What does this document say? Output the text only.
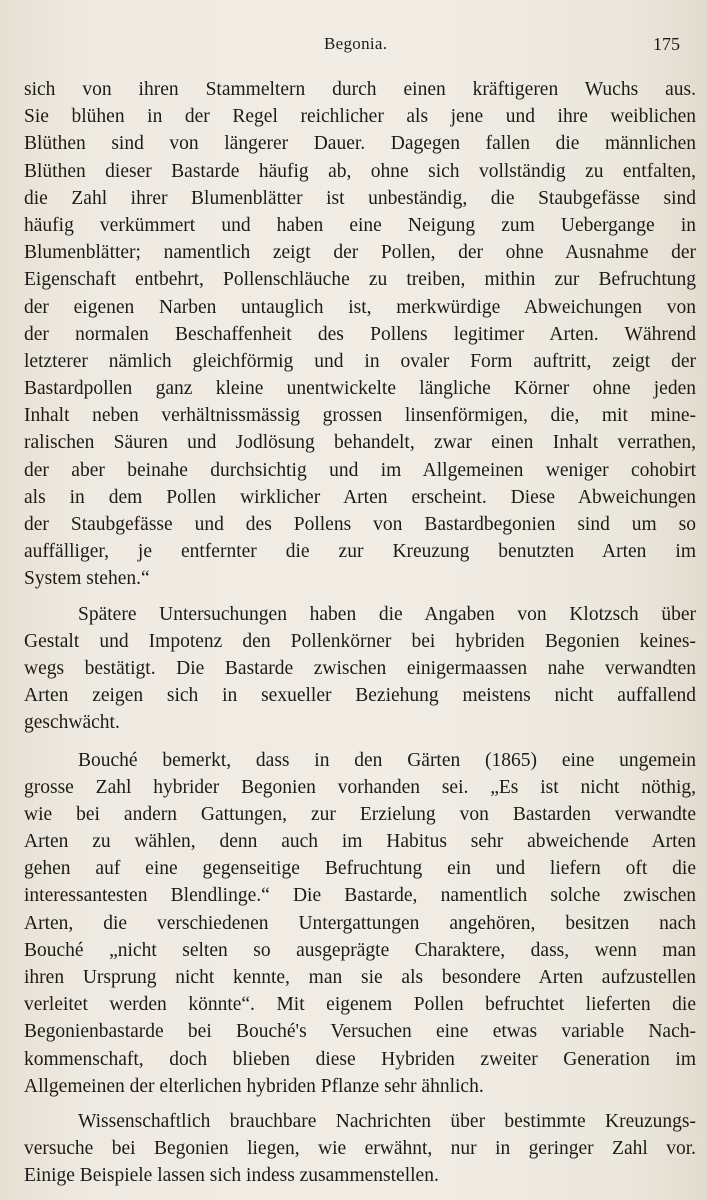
Begonia.	175
sich von ihren Stammeltern durch einen kräftigeren Wuchs aus.
Sie blühen in der Regel reichlicher als jene und ihre weiblichen
Blüthen sind von längerer Dauer. Dagegen fallen die männlichen
Blüthen dieser Bastarde häufig ab, ohne sich vollständig zu entfalten,
die Zahl ihrer Blumenblätter ist unbeständig, die Staubgefässe sind
häufig verkümmert und haben eine Neigung zum Uebergange in
Blumenblätter; namentlich zeigt der Pollen, der ohne Ausnahme der
Eigenschaft entbehrt, Pollenschläuche zu treiben, mithin zur Befruchtung
der eigenen Narben untauglich ist, merkwürdige Abweichungen von
der normalen Beschaffenheit des Pollens legitimer Arten. Während
letzterer nämlich gleichförmig und in ovaler Form auftritt, zeigt der
Bastardpollen ganz kleine unentwickelte längliche Körner ohne jeden
Inhalt neben verhältnissmässig grossen linsenförmigen, die, mit mine-
ralischen Säuren und Jodlösung behandelt, zwar einen Inhalt verrathen,
der aber beinahe durchsichtig und im Allgemeinen weniger cohobirt
als in dem Pollen wirklicher Arten erscheint. Diese Abweichungen
der Staubgefässe und des Pollens von Bastardbegonien sind um so
auffälliger, je entfernter die zur Kreuzung benutzten Arten im
System stehen.“
Spätere Untersuchungen haben die Angaben von Klotzsch über
Gestalt und Impotenz den Pollenkörner bei hybriden Begonien keines-
wegs bestätigt. Die Bastarde zwischen einigermaassen nahe verwandten
Arten zeigen sich in sexueller Beziehung meistens nicht auffallend
geschwächt.
Bouché bemerkt, dass in den Gärten (1865) eine ungemein
grosse Zahl hybrider Begonien vorhanden sei. „Es ist nicht nöthig,
wie bei andern Gattungen, zur Erzielung von Bastarden verwandte
Arten zu wählen, denn auch im Habitus sehr abweichende Arten
gehen auf eine gegenseitige Befruchtung ein und liefern oft die
interessantesten Blendlinge.“ Die Bastarde, namentlich solche zwischen
Arten, die verschiedenen Untergattungen angehören, besitzen nach
Bouché „nicht selten so ausgeprägte Charaktere, dass, wenn man
ihren Ursprung nicht kennte, man sie als besondere Arten aufzustellen
verleitet werden könnte“. Mit eigenem Pollen befruchtet lieferten die
Begonienbastarde bei Bouché's Versuchen eine etwas variable Nach-
kommenschaft, doch blieben diese Hybriden zweiter Generation im
Allgemeinen der elterlichen hybriden Pflanze sehr ähnlich.
Wissenschaftlich brauchbare Nachrichten über bestimmte Kreuzungs-
versuche bei Begonien liegen, wie erwähnt, nur in geringer Zahl vor.
Einige Beispiele lassen sich indess zusammenstellen.
